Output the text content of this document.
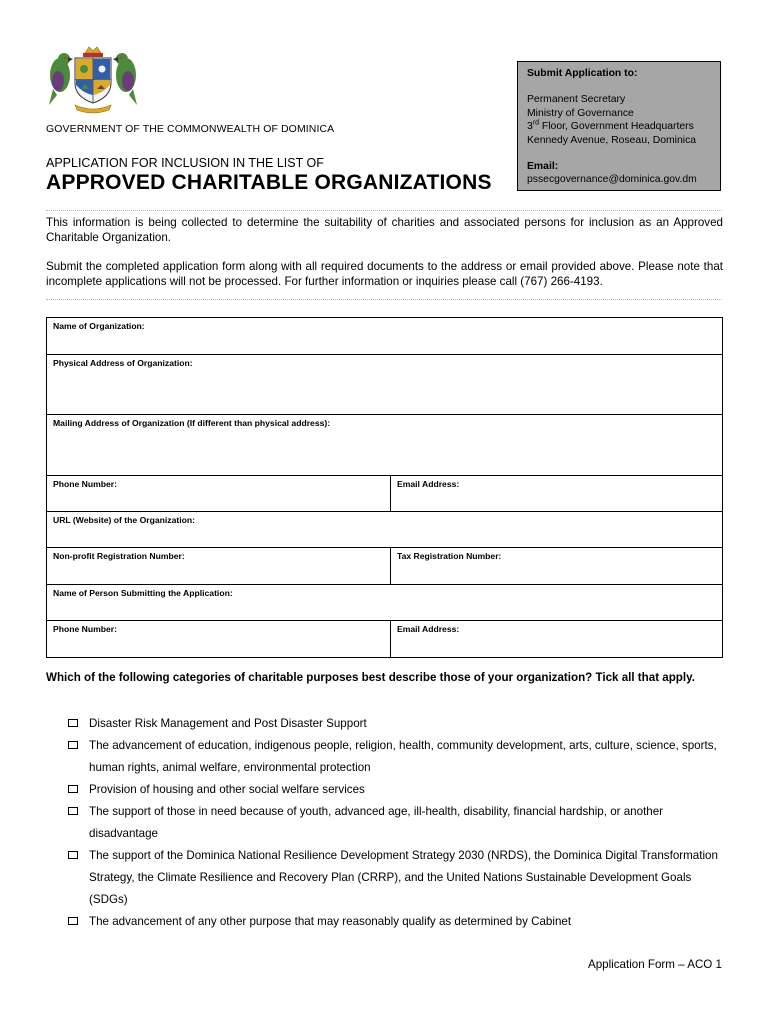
GOVERNMENT OF THE COMMONWEALTH OF DOMINICA
APPLICATION FOR INCLUSION IN THE LIST OF
APPROVED CHARITABLE ORGANIZATIONS
Submit Application to:
Permanent Secretary
Ministry of Governance
3rd Floor, Government Headquarters
Kennedy Avenue, Roseau, Dominica
Email:
pssecgovernance@dominica.gov.dm
This information is being collected to determine the suitability of charities and associated persons for inclusion as an Approved Charitable Organization.
Submit the completed application form along with all required documents to the address or email provided above. Please note that incomplete applications will not be processed. For further information or inquiries please call (767) 266-4193.
Name of Organization:
Physical Address of Organization:
Mailing Address of Organization (If different than physical address):
Phone Number:	Email Address:
URL (Website) of the Organization:
Non-profit Registration Number:	Tax Registration Number:
Name of Person Submitting the Application:
Phone Number:	Email Address:
Which of the following categories of charitable purposes best describe those of your organization? Tick all that apply.
Disaster Risk Management and Post Disaster Support
The advancement of education, indigenous people, religion, health, community development, arts, culture, science, sports, human rights, animal welfare, environmental protection
Provision of housing and other social welfare services
The support of those in need because of youth, advanced age, ill-health, disability, financial hardship, or another disadvantage
The support of the Dominica National Resilience Development Strategy 2030 (NRDS), the Dominica Digital Transformation Strategy, the Climate Resilience and Recovery Plan (CRRP), and the United Nations Sustainable Development Goals (SDGs)
The advancement of any other purpose that may reasonably qualify as determined by Cabinet
Application Form – ACO 1
